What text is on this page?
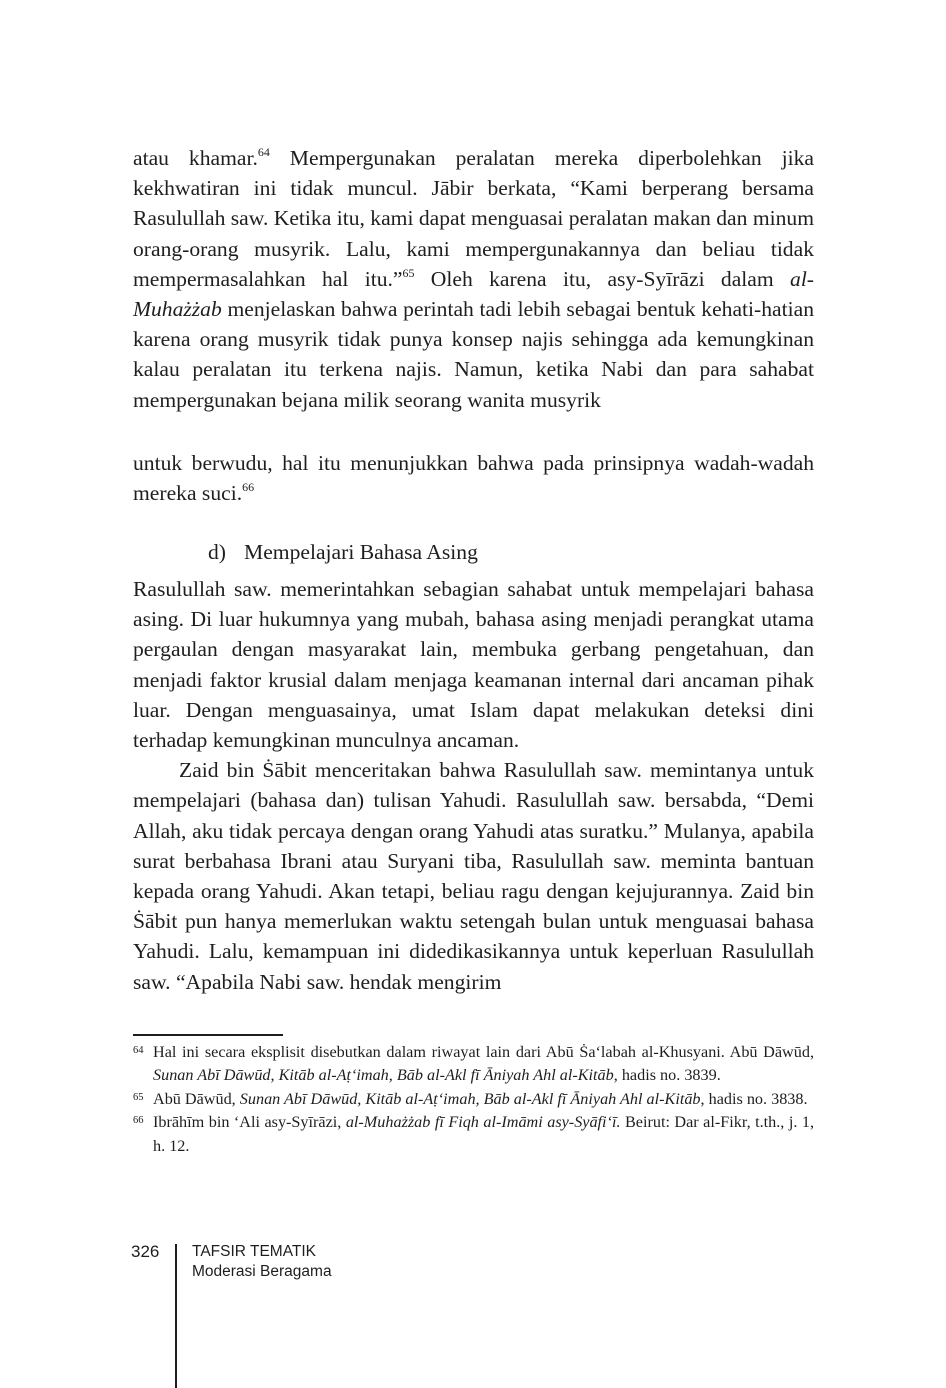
atau khamar.$^{64}$ Mempergunakan peralatan mereka diperbolehkan jika kekhwatiran ini tidak muncul. Jābir berkata, “Kami berperang bersama Rasulullah saw. Ketika itu, kami dapat menguasai peralatan makan dan minum orang-orang musyrik. Lalu, kami mempergunakannya dan beliau tidak mempermasalahkan hal itu.”$^{65}$ Oleh karena itu, asy-Syīrāzi dalam al-Muhażżab menjelaskan bahwa perintah tadi lebih sebagai bentuk kehati-hatian karena orang musyrik tidak punya konsep najis sehingga ada kemungkinan kalau peralatan itu terkena najis. Namun, ketika Nabi dan para sahabat mempergunakan bejana milik seorang wanita musyrik

untuk berwudu, hal itu menunjukkan bahwa pada prinsipnya wadah-wadah mereka suci.$^{66}$

d) Mempelajari Bahasa Asing

Rasulullah saw. memerintahkan sebagian sahabat untuk mempelajari bahasa asing. Di luar hukumnya yang mubah, bahasa asing menjadi perangkat utama pergaulan dengan masyarakat lain, membuka gerbang pengetahuan, dan menjadi faktor krusial dalam menjaga keamanan internal dari ancaman pihak luar. Dengan menguasainya, umat Islam dapat melakukan deteksi dini terhadap kemungkinan munculnya ancaman.

Zaid bin Ṡābit menceritakan bahwa Rasulullah saw. memintanya untuk mempelajari (bahasa dan) tulisan Yahudi. Rasulullah saw. bersabda, “Demi Allah, aku tidak percaya dengan orang Yahudi atas suratku.” Mulanya, apabila surat berbahasa Ibrani atau Suryani tiba, Rasulullah saw. meminta bantuan kepada orang Yahudi. Akan tetapi, beliau ragu dengan kejujurannya. Zaid bin Ṡābit pun hanya memerlukan waktu setengah bulan untuk menguasai bahasa Yahudi. Lalu, kemampuan ini didedikasikannya untuk keperluan Rasulullah saw. “Apabila Nabi saw. hendak mengirim

64 Hal ini secara eksplisit disebutkan dalam riwayat lain dari Abū Ṡa‘labah al-Khusyani. Abū Dāwūd, Sunan Abī Dāwūd, Kitāb al-Aṭ‘imah, Bāb al-Akl fī Āniyah Ahl al-Kitāb, hadis no. 3839.

65 Abū Dāwūd, Sunan Abī Dāwūd, Kitāb al-Aṭ‘imah, Bāb al-Akl fī Āniyah Ahl al-Kitāb, hadis no. 3838.

66 Ibrāhīm bin ‘Ali asy-Syīrāzi, al-Muhażżab fī Fiqh al-Imāmi asy-Syāfi‘ī. Beirut: Dar al-Fikr, t.th., j. 1, h. 12.

326 TAFSIR TEMATIK
Moderasi Beragama
